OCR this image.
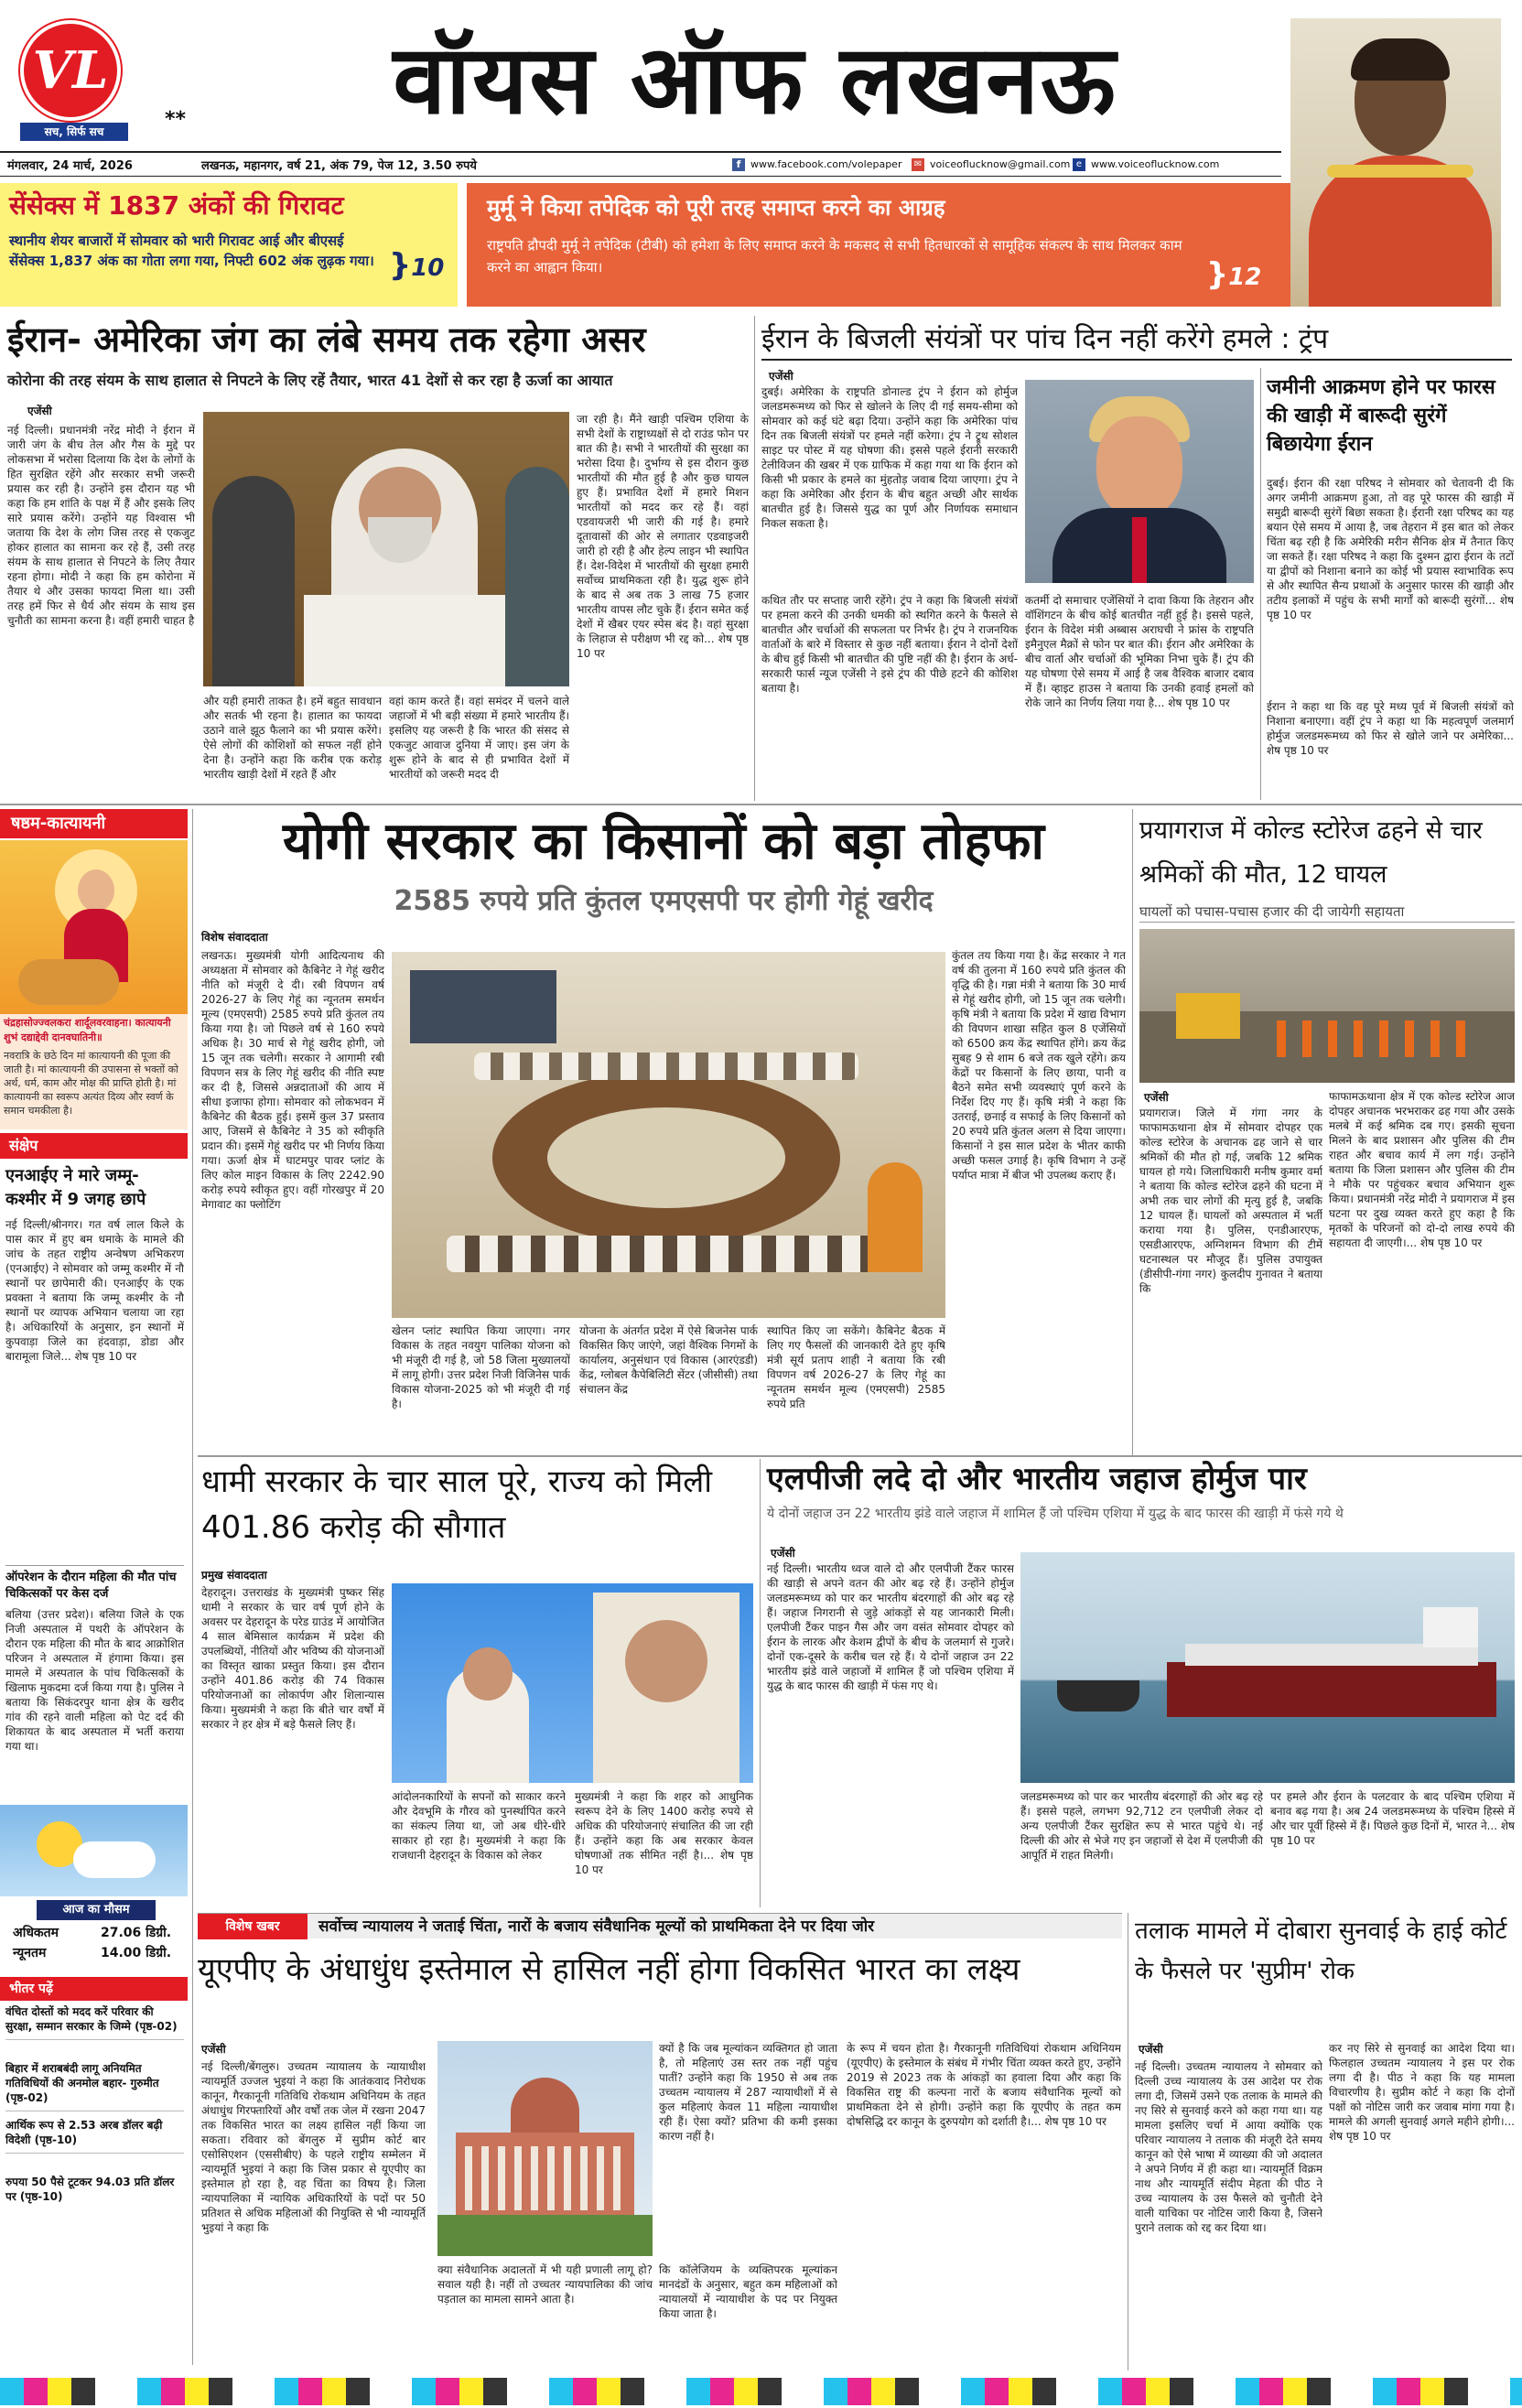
VL
सच, सिर्फ सच
**	वॉयस ऑफ लखनऊ
मंगलवार, 24 मार्च, 2026	लखनऊ, महानगर, वर्ष 21, अंक 79, पेज 12, 3.50 रुपये	f www.facebook.com/volepaper ✉ voiceoflucknow@gmail.com e www.voiceoflucknow.com
सेंसेक्स में 1837 अंकों की गिरावट
स्थानीय शेयर बाजारों में सोमवार को भारी गिरावट आई और बीएसई सेंसेक्स 1,837 अंक का गोता लगा गया, निफ्टी 602 अंक लुढ़क गया। }10
मुर्मू ने किया तपेदिक को पूरी तरह समाप्त करने का आग्रह
राष्ट्रपति द्रौपदी मुर्मू ने तपेदिक (टीबी) को हमेशा के लिए समाप्त करने के मकसद से सभी हितधारकों से सामूहिक संकल्प के साथ मिलकर काम करने का आह्वान किया।	}12
ईरान- अमेरिका जंग का लंबे समय तक रहेगा असर
कोरोना की तरह संयम के साथ हालात से निपटने के लिए रहें तैयार, भारत 41 देशों से कर रहा है ऊर्जा का आयात
एजेंसी
नई दिल्ली। प्रधानमंत्री नरेंद्र मोदी ने ईरान में जारी जंग के बीच तेल और गैस के मुद्दे पर लोकसभा में भरोसा दिलाया कि देश के लोगों के हित सुरक्षित रहेंगे और सरकार सभी जरूरी प्रयास कर रही है। उन्होंने इस दौरान यह भी कहा कि हम शांति के पक्ष में हैं और इसके लिए सारे प्रयास करेंगे। उन्होंने यह विश्वास भी जताया कि देश के लोग जिस तरह से एकजुट होकर हालात का सामना कर रहे हैं, उसी तरह संयम के साथ हालात से निपटने के लिए तैयार रहना होगा। मोदी ने कहा कि हम कोरोना में तैयार थे और उसका फायदा मिला था। उसी तरह हमें फिर से धैर्य और संयम के साथ इस चुनौती का सामना करना है। वहीं हमारी चाहत है
और यही हमारी ताकत है। हमें बहुत सावधान और सतर्क भी रहना है। हालात का फायदा उठाने वाले झूठ फैलाने का भी प्रयास करेंगे। ऐसे लोगों की कोशिशों को सफल नहीं होने देना है। उन्होंने कहा कि करीब एक करोड़ भारतीय खाड़ी देशों में रहते हैं और
वहां काम करते हैं। वहां समंदर में चलने वाले जहाजों में भी बड़ी संख्या में हमारे भारतीय हैं। इसलिए यह जरूरी है कि भारत की संसद से एकजुट आवाज दुनिया में जाए। इस जंग के शुरू होने के बाद से ही प्रभावित देशों में भारतीयों को जरूरी मदद दी
जा रही है। मैंने खाड़ी पश्चिम एशिया के सभी देशों के राष्ट्राध्यक्षों से दो राउंड फोन पर बात की है। सभी ने भारतीयों की सुरक्षा का भरोसा दिया है। दुर्भाग्य से इस दौरान कुछ भारतीयों की मौत हुई है और कुछ घायल हुए हैं। प्रभावित देशों में हमारे मिशन भारतीयों को मदद कर रहे हैं। वहां एडवायजरी भी जारी की गई है। हमारे दूतावासों की ओर से लगातार एडवाइजरी जारी हो रही है और हेल्प लाइन भी स्थापित हैं। देश-विदेश में भारतीयों की सुरक्षा हमारी सर्वोच्च प्राथमिकता रही है। युद्ध शुरू होने के बाद से अब तक 3 लाख 75 हजार भारतीय वापस लौट चुके हैं। ईरान समेत कई देशों में खैबर एयर स्पेस बंद है। वहां सुरक्षा के लिहाज से परीक्षण भी रद्द को... शेष पृष्ठ 10 पर
ईरान के बिजली संयंत्रों पर पांच दिन नहीं करेंगे हमले : ट्रंप
एजेंसी
दुबई। अमेरिका के राष्ट्रपति डोनाल्ड ट्रंप ने ईरान को होर्मुज जलडमरूमध्य को फिर से खोलने के लिए दी गई समय-सीमा को सोमवार को कई घंटे बढ़ा दिया। उन्होंने कहा कि अमेरिका पांच दिन तक बिजली संयंत्रों पर हमले नहीं करेगा। ट्रंप ने ट्रूथ सोशल साइट पर पोस्ट में यह घोषणा की। इससे पहले ईरानी सरकारी टेलीविजन की खबर में एक ग्राफिक में कहा गया था कि ईरान को किसी भी प्रकार के हमले का मुंहतोड़ जवाब दिया जाएगा। ट्रंप ने कहा कि अमेरिका और ईरान के बीच बहुत अच्छी और सार्थक बातचीत हुई है। जिससे युद्ध का पूर्ण और निर्णायक समाधान निकल सकता है।
कथित तौर पर सप्ताह जारी रहेंगे। ट्रंप ने कहा कि बिजली संयंत्रों पर हमला करने की उनकी धमकी को स्थगित करने के फैसले से बातचीत और चर्चाओं की सफलता पर निर्भर है। ट्रंप ने राजनयिक वार्ताओं के बारे में विस्तार से कुछ नहीं बताया। ईरान ने दोनों देशों के बीच हुई किसी भी बातचीत की पुष्टि नहीं की है। ईरान के अर्ध-सरकारी फार्स न्यूज एजेंसी ने इसे ट्रंप की पीछे हटने की कोशिश बताया है।
कतर्मी दो समाचार एजेंसियों ने दावा किया कि तेहरान और वॉशिंगटन के बीच कोई बातचीत नहीं हुई है। इससे पहले, ईरान के विदेश मंत्री अब्बास अराघची ने फ्रांस के राष्ट्रपति इमैनुएल मैक्रों से फोन पर बात की। ईरान और अमेरिका के बीच वार्ता और चर्चाओं की भूमिका निभा चुके हैं। ट्रंप की यह घोषणा ऐसे समय में आई है जब वैश्विक बाजार दबाव में हैं। व्हाइट हाउस ने बताया कि उनकी हवाई हमलों को रोके जाने का निर्णय लिया गया है... शेष पृष्ठ 10 पर
जमीनी आक्रमण होने पर फारस की खाड़ी में बारूदी सुरंगें बिछायेगा ईरान
दुबई। ईरान की रक्षा परिषद ने सोमवार को चेतावनी दी कि अगर जमीनी आक्रमण हुआ, तो वह पूरे फारस की खाड़ी में समुद्री बारूदी सुरंगें बिछा सकता है। ईरानी रक्षा परिषद का यह बयान ऐसे समय में आया है, जब तेहरान में इस बात को लेकर चिंता बढ़ रही है कि अमेरिकी मरीन सैनिक क्षेत्र में तैनात किए जा सकते हैं। रक्षा परिषद ने कहा कि दुश्मन द्वारा ईरान के तटों या द्वीपों को निशाना बनाने का कोई भी प्रयास स्वाभाविक रूप से और स्थापित सैन्य प्रथाओं के अनुसार फारस की खाड़ी और तटीय इलाकों में पहुंच के सभी मार्गों को बारूदी सुरंगों... शेष पृष्ठ 10 पर
ईरान ने कहा था कि वह पूरे मध्य पूर्व में बिजली संयंत्रों को निशाना बनाएगा। वहीं ट्रंप ने कहा था कि महत्वपूर्ण जलमार्ग होर्मुज जलडमरूमध्य को फिर से खोले जाने पर अमेरिका... शेष पृष्ठ 10 पर
षष्ठम-कात्यायनी
चंद्रहासोज्ज्वलकरा शार्दूलवरवाहना। कात्यायनी शुभं दद्याद्देवी दानवघातिनी॥
नवरात्रि के छठे दिन मां कात्यायनी की पूजा की जाती है। मां कात्यायनी की उपासना से भक्तों को अर्थ, धर्म, काम और मोक्ष की प्राप्ति होती है। मां कात्यायनी का स्वरूप अत्यंत दिव्य और स्वर्ण के समान चमकीला है।
संक्षेप
एनआईए ने मारे जम्मू- कश्मीर में 9 जगह छापे
नई दिल्ली/श्रीनगर। गत वर्ष लाल किले के पास कार में हुए बम धमाके के मामले की जांच के तहत राष्ट्रीय अन्वेषण अभिकरण (एनआईए) ने सोमवार को जम्मू कश्मीर में नौ स्थानों पर छापेमारी की। एनआईए के एक प्रवक्ता ने बताया कि जम्मू कश्मीर के नौ स्थानों पर व्यापक अभियान चलाया जा रहा है। अधिकारियों के अनुसार, इन स्थानों में कुपवाड़ा जिले का हंदवाड़ा, डोडा और बारामूला जिले... शेष पृष्ठ 10 पर
ऑपरेशन के दौरान महिला की मौत पांच चिकित्सकों पर केस दर्ज
बलिया (उत्तर प्रदेश)। बलिया जिले के एक निजी अस्पताल में पथरी के ऑपरेशन के दौरान एक महिला की मौत के बाद आक्रोशित परिजन ने अस्पताल में हंगामा किया। इस मामले में अस्पताल के पांच चिकित्सकों के खिलाफ मुकदमा दर्ज किया गया है। पुलिस ने बताया कि सिकंदरपुर थाना क्षेत्र के खरीद गांव की रहने वाली महिला को पेट दर्द की शिकायत के बाद अस्पताल में भर्ती कराया गया था।
आज का मौसम
अधिकतम	27.06 डिग्री.
न्यूनतम	14.00 डिग्री.
भीतर पढ़ें
वंचित दोस्तों को मदद करें परिवार की सुरक्षा, सम्मान सरकार के जिम्मे (पृष्ठ-02)
बिहार में शराबबंदी लागू अनियमित गतिविधियों की अनमोल बहार- गुरुमीत (पृष्ठ-02)
आर्थिक रूप से 2.53 अरब डॉलर बढ़ी विदेशी (पृष्ठ-10)
रुपया 50 पैसे टूटकर 94.03 प्रति डॉलर पर (पृष्ठ-10)
योगी सरकार का किसानों को बड़ा तोहफा
2585 रुपये प्रति कुंतल एमएसपी पर होगी गेहूं खरीद
विशेष संवाददाता
लखनऊ। मुख्यमंत्री योगी आदित्यनाथ की अध्यक्षता में सोमवार को कैबिनेट ने गेहूं खरीद नीति को मंजूरी दे दी। रबी विपणन वर्ष 2026-27 के लिए गेहूं का न्यूनतम समर्थन मूल्य (एमएसपी) 2585 रुपये प्रति कुंतल तय किया गया है। जो पिछले वर्ष से 160 रुपये अधिक है। 30 मार्च से गेहूं खरीद होगी, जो 15 जून तक चलेगी। सरकार ने आगामी रबी विपणन सत्र के लिए गेहूं खरीद की नीति स्पष्ट कर दी है, जिससे अन्नदाताओं की आय में सीधा इजाफा होगा। सोमवार को लोकभवन में कैबिनेट की बैठक हुई। इसमें कुल 37 प्रस्ताव आए, जिसमें से कैबिनेट ने 35 को स्वीकृति प्रदान की। इसमें गेहूं खरीद पर भी निर्णय किया गया। ऊर्जा क्षेत्र में घाटमपुर पावर प्लांट के लिए कोल माइन विकास के लिए 2242.90 करोड़ रुपये स्वीकृत हुए। वहीं गोरखपुर में 20 मेगावाट का फ्लोटिंग
कुंतल तय किया गया है। केंद्र सरकार ने गत वर्ष की तुलना में 160 रुपये प्रति कुंतल की वृद्धि की है। गन्ना मंत्री ने बताया कि 30 मार्च से गेहूं खरीद होगी, जो 15 जून तक चलेगी। कृषि मंत्री ने बताया कि प्रदेश में खाद्य विभाग की विपणन शाखा सहित कुल 8 एजेंसियों को 6500 क्रय केंद्र स्थापित होंगे। क्रय केंद्र सुबह 9 से शाम 6 बजे तक खुले रहेंगे। क्रय केंद्रों पर किसानों के लिए छाया, पानी व बैठने समेत सभी व्यवस्थाएं पूर्ण करने के निर्देश दिए गए हैं। कृषि मंत्री ने कहा कि उतराई, छनाई व सफाई के लिए किसानों को 20 रुपये प्रति कुंतल अलग से दिया जाएगा। किसानों ने इस साल प्रदेश के भीतर काफी अच्छी फसल उगाई है। कृषि विभाग ने उन्हें पर्याप्त मात्रा में बीज भी उपलब्ध कराए हैं।
खेलन प्लांट स्थापित किया जाएगा। नगर विकास के तहत नवयुग पालिका योजना को भी मंजूरी दी गई है, जो 58 जिला मुख्यालयों में लागू होगी। उत्तर प्रदेश निजी विजिनेस पार्क विकास योजना-2025 को भी मंजूरी दी गई है।
योजना के अंतर्गत प्रदेश में ऐसे बिजनेस पार्क विकसित किए जाएंगे, जहां वैश्विक निगमों के कार्यालय, अनुसंधान एवं विकास (आरएंडडी) केंद्र, ग्लोबल कैपेबिलिटी सेंटर (जीसीसी) तथा संचालन केंद्र
स्थापित किए जा सकेंगे। कैबिनेट बैठक में लिए गए फैसलों की जानकारी देते हुए कृषि मंत्री सूर्य प्रताप शाही ने बताया कि रबी विपणन वर्ष 2026-27 के लिए गेहूं का न्यूनतम समर्थन मूल्य (एमएसपी) 2585 रुपये प्रति
प्रयागराज में कोल्ड स्टोरेज ढहने से चार श्रमिकों की मौत, 12 घायल
घायलों को पचास-पचास हजार की दी जायेगी सहायता
एजेंसी
प्रयागराज। जिले में गंगा नगर के फाफामऊथाना क्षेत्र में सोमवार दोपहर एक कोल्ड स्टोरेज के अचानक ढह जाने से चार श्रमिकों की मौत हो गई, जबकि 12 श्रमिक घायल हो गये। जिलाधिकारी मनीष कुमार वर्मा ने बताया कि कोल्ड स्टोरेज ढहने की घटना में अभी तक चार लोगों की मृत्यु हुई है, जबकि 12 घायल हैं। घायलों को अस्पताल में भर्ती कराया गया है। पुलिस, एनडीआरएफ, एसडीआरएफ, अग्निशमन विभाग की टीमें घटनास्थल पर मौजूद हैं। पुलिस उपायुक्त (डीसीपी-गंगा नगर) कुलदीप गुनावत ने बताया कि
फाफामऊथाना क्षेत्र में एक कोल्ड स्टोरेज आज दोपहर अचानक भरभराकर ढह गया और उसके मलबे में कई श्रमिक दब गए। इसकी सूचना मिलने के बाद प्रशासन और पुलिस की टीम राहत और बचाव कार्य में लग गई। उन्होंने बताया कि जिला प्रशासन और पुलिस की टीम ने मौके पर पहुंचकर बचाव अभियान शुरू किया। प्रधानमंत्री नरेंद्र मोदी ने प्रयागराज में इस घटना पर दुख व्यक्त करते हुए कहा है कि मृतकों के परिजनों को दो-दो लाख रुपये की सहायता दी जाएगी।... शेष पृष्ठ 10 पर
धामी सरकार के चार साल पूरे, राज्य को मिली 401.86 करोड़ की सौगात
प्रमुख संवाददाता
देहरादून। उत्तराखंड के मुख्यमंत्री पुष्कर सिंह धामी ने सरकार के चार वर्ष पूर्ण होने के अवसर पर देहरादून के परेड ग्राउंड में आयोजित 4 साल बेमिसाल कार्यक्रम में प्रदेश की उपलब्धियों, नीतियों और भविष्य की योजनाओं का विस्तृत खाका प्रस्तुत किया। इस दौरान उन्होंने 401.86 करोड़ की 74 विकास परियोजनाओं का लोकार्पण और शिलान्यास किया। मुख्यमंत्री ने कहा कि बीते चार वर्षों में सरकार ने हर क्षेत्र में बड़े फैसले लिए हैं।
आंदोलनकारियों के सपनों को साकार करने और देवभूमि के गौरव को पुनर्स्थापित करने का संकल्प लिया था, जो अब धीरे-धीरे साकार हो रहा है। मुख्यमंत्री ने कहा कि राजधानी देहरादून के विकास को लेकर
मुख्यमंत्री ने कहा कि शहर को आधुनिक स्वरूप देने के लिए 1400 करोड़ रुपये से अधिक की परियोजनाएं संचालित की जा रही हैं। उन्होंने कहा कि अब सरकार केवल घोषणाओं तक सीमित नहीं है।... शेष पृष्ठ 10 पर
एलपीजी लदे दो और भारतीय जहाज होर्मुज पार
ये दोनों जहाज उन 22 भारतीय झंडे वाले जहाज में शामिल हैं जो पश्चिम एशिया में युद्ध के बाद फारस की खाड़ी में फंसे गये थे
एजेंसी
नई दिल्ली। भारतीय ध्वज वाले दो और एलपीजी टैंकर फारस की खाड़ी से अपने वतन की ओर बढ़ रहे हैं। उन्होंने होर्मुज जलडमरूमध्य को पार कर भारतीय बंदरगाहों की ओर बढ़ रहे हैं। जहाज निगरानी से जुड़े आंकड़ों से यह जानकारी मिली। एलपीजी टैंकर पाइन गैस और जग वसंत सोमवार दोपहर को ईरान के लारक और केशम द्वीपों के बीच के जलमार्ग से गुजरे। दोनों एक-दूसरे के करीब चल रहे हैं। ये दोनों जहाज उन 22 भारतीय झंडे वाले जहाजों में शामिल हैं जो पश्चिम एशिया में युद्ध के बाद फारस की खाड़ी में फंस गए थे।
जलडमरूमध्य को पार कर भारतीय बंदरगाहों की ओर बढ़ रहे हैं। इससे पहले, लगभग 92,712 टन एलपीजी लेकर दो अन्य एलपीजी टैंकर सुरक्षित रूप से भारत पहुंचे थे। नई दिल्ली की ओर से भेजे गए इन जहाजों से देश में एलपीजी की आपूर्ति में राहत मिलेगी।
पर हमले और ईरान के पलटवार के बाद पश्चिम एशिया में बनाव बढ़ गया है। अब 24 जलडमरूमध्य के पश्चिम हिस्से में और चार पूर्वी हिस्से में हैं। पिछले कुछ दिनों में, भारत ने... शेष पृष्ठ 10 पर
विशेष खबर	सर्वोच्च न्यायालय ने जताई चिंता, नारों के बजाय संवैधानिक मूल्यों को प्राथमिकता देने पर दिया जोर
यूएपीए के अंधाधुंध इस्तेमाल से हासिल नहीं होगा विकसित भारत का लक्ष्य
एजेंसी
नई दिल्ली/बेंगलुरु। उच्चतम न्यायालय के न्यायाधीश न्यायमूर्ति उज्जल भुइयां ने कहा कि आतंकवाद निरोधक कानून, गैरकानूनी गतिविधि रोकथाम अधिनियम के तहत अंधाधुंध गिरफ्तारियों और वर्षों तक जेल में रखना 2047 तक विकसित भारत का लक्ष्य हासिल नहीं किया जा सकता। रविवार को बेंगलुरु में सुप्रीम कोर्ट बार एसोसिएशन (एससीबीए) के पहले राष्ट्रीय सम्मेलन में न्यायमूर्ति भुइयां ने कहा कि जिस प्रकार से यूएपीए का इस्तेमाल हो रहा है, वह चिंता का विषय है। जिला न्यायपालिका में न्यायिक अधिकारियों के पदों पर 50 प्रतिशत से अधिक महिलाओं की नियुक्ति से भी न्यायमूर्ति भुइयां ने कहा कि
क्यों है कि जब मूल्यांकन व्यक्तिगत हो जाता है, तो महिलाएं उस स्तर तक नहीं पहुंच पातीं? उन्होंने कहा कि 1950 से अब तक उच्चतम न्यायालय में 287 न्यायाधीशों में से कुल महिलाएं केवल 11 महिला न्यायाधीश रही हैं। ऐसा क्यों? प्रतिभा की कमी इसका कारण नहीं है।
के रूप में चयन होता है। गैरकानूनी गतिविधियां रोकथाम अधिनियम (यूएपीए) के इस्तेमाल के संबंध में गंभीर चिंता व्यक्त करते हुए, उन्होंने 2019 से 2023 तक के आंकड़ों का हवाला दिया और कहा कि विकसित राष्ट्र की कल्पना नारों के बजाय संवैधानिक मूल्यों को प्राथमिकता देने से होगी। उन्होंने कहा कि यूएपीए के तहत कम दोषसिद्धि दर कानून के दुरुपयोग को दर्शाती है।... शेष पृष्ठ 10 पर
क्या संवैधानिक अदालतों में भी यही प्रणाली लागू हो? सवाल यही है। नहीं तो उच्चतर न्यायपालिका की जांच पड़ताल का मामला सामने आता है।
कि कॉलेजियम के व्यक्तिपरक मूल्यांकन मानदंडों के अनुसार, बहुत कम महिलाओं को न्यायालयों में न्यायाधीश के पद पर नियुक्त किया जाता है।
तलाक मामले में दोबारा सुनवाई के हाई कोर्ट के फैसले पर 'सुप्रीम' रोक
एजेंसी
नई दिल्ली। उच्चतम न्यायालय ने सोमवार को दिल्ली उच्च न्यायालय के उस आदेश पर रोक लगा दी, जिसमें उसने एक तलाक के मामले की नए सिरे से सुनवाई करने को कहा गया था। यह मामला इसलिए चर्चा में आया क्योंकि एक परिवार न्यायालय ने तलाक की मंजूरी देते समय कानून को ऐसे भाषा में व्याख्या की जो अदालत ने अपने निर्णय में ही कहा था। न्यायमूर्ति विक्रम नाथ और न्यायमूर्ति संदीप मेहता की पीठ ने उच्च न्यायालय के उस फैसले को चुनौती देने वाली याचिका पर नोटिस जारी किया है, जिसने पुराने तलाक को रद्द कर दिया था।
कर नए सिरे से सुनवाई का आदेश दिया था। फिलहाल उच्चतम न्यायालय ने इस पर रोक लगा दी है। पीठ ने कहा कि यह मामला विचारणीय है। सुप्रीम कोर्ट ने कहा कि दोनों पक्षों को नोटिस जारी कर जवाब मांगा गया है। मामले की अगली सुनवाई अगले महीने होगी।... शेष पृष्ठ 10 पर
